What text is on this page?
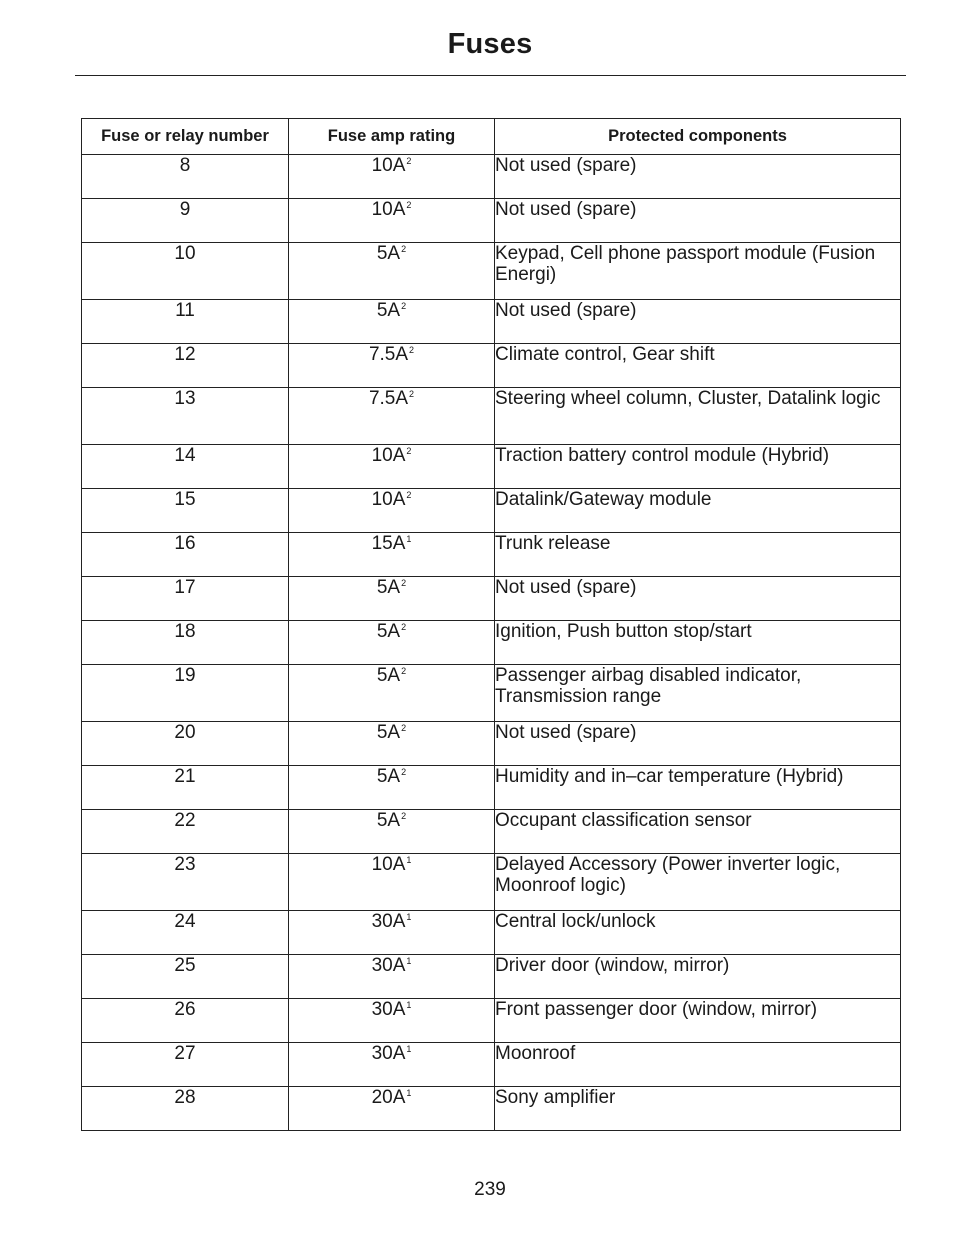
Fuses
Fuse or relay number	Fuse amp rating	Protected components
8	$10A^2$	Not used (spare)
9	$10A^2$	Not used (spare)
10	$5A^2$	Keypad, Cell phone passport module (Fusion Energi)
11	$5A^2$	Not used (spare)
12	$7.5A^2$	Climate control, Gear shift
13	$7.5A^2$	Steering wheel column, Cluster, Datalink logic
14	$10A^2$	Traction battery control module (Hybrid)
15	$10A^2$	Datalink/Gateway module
16	$15A^1$	Trunk release
17	$5A^2$	Not used (spare)
18	$5A^2$	Ignition, Push button stop/start
19	$5A^2$	Passenger airbag disabled indicator, Transmission range
20	$5A^2$	Not used (spare)
21	$5A^2$	Humidity and in–car temperature (Hybrid)
22	$5A^2$	Occupant classification sensor
23	$10A^1$	Delayed Accessory (Power inverter logic, Moonroof logic)
24	$30A^1$	Central lock/unlock
25	$30A^1$	Driver door (window, mirror)
26	$30A^1$	Front passenger door (window, mirror)
27	$30A^1$	Moonroof
28	$20A^1$	Sony amplifier
239
